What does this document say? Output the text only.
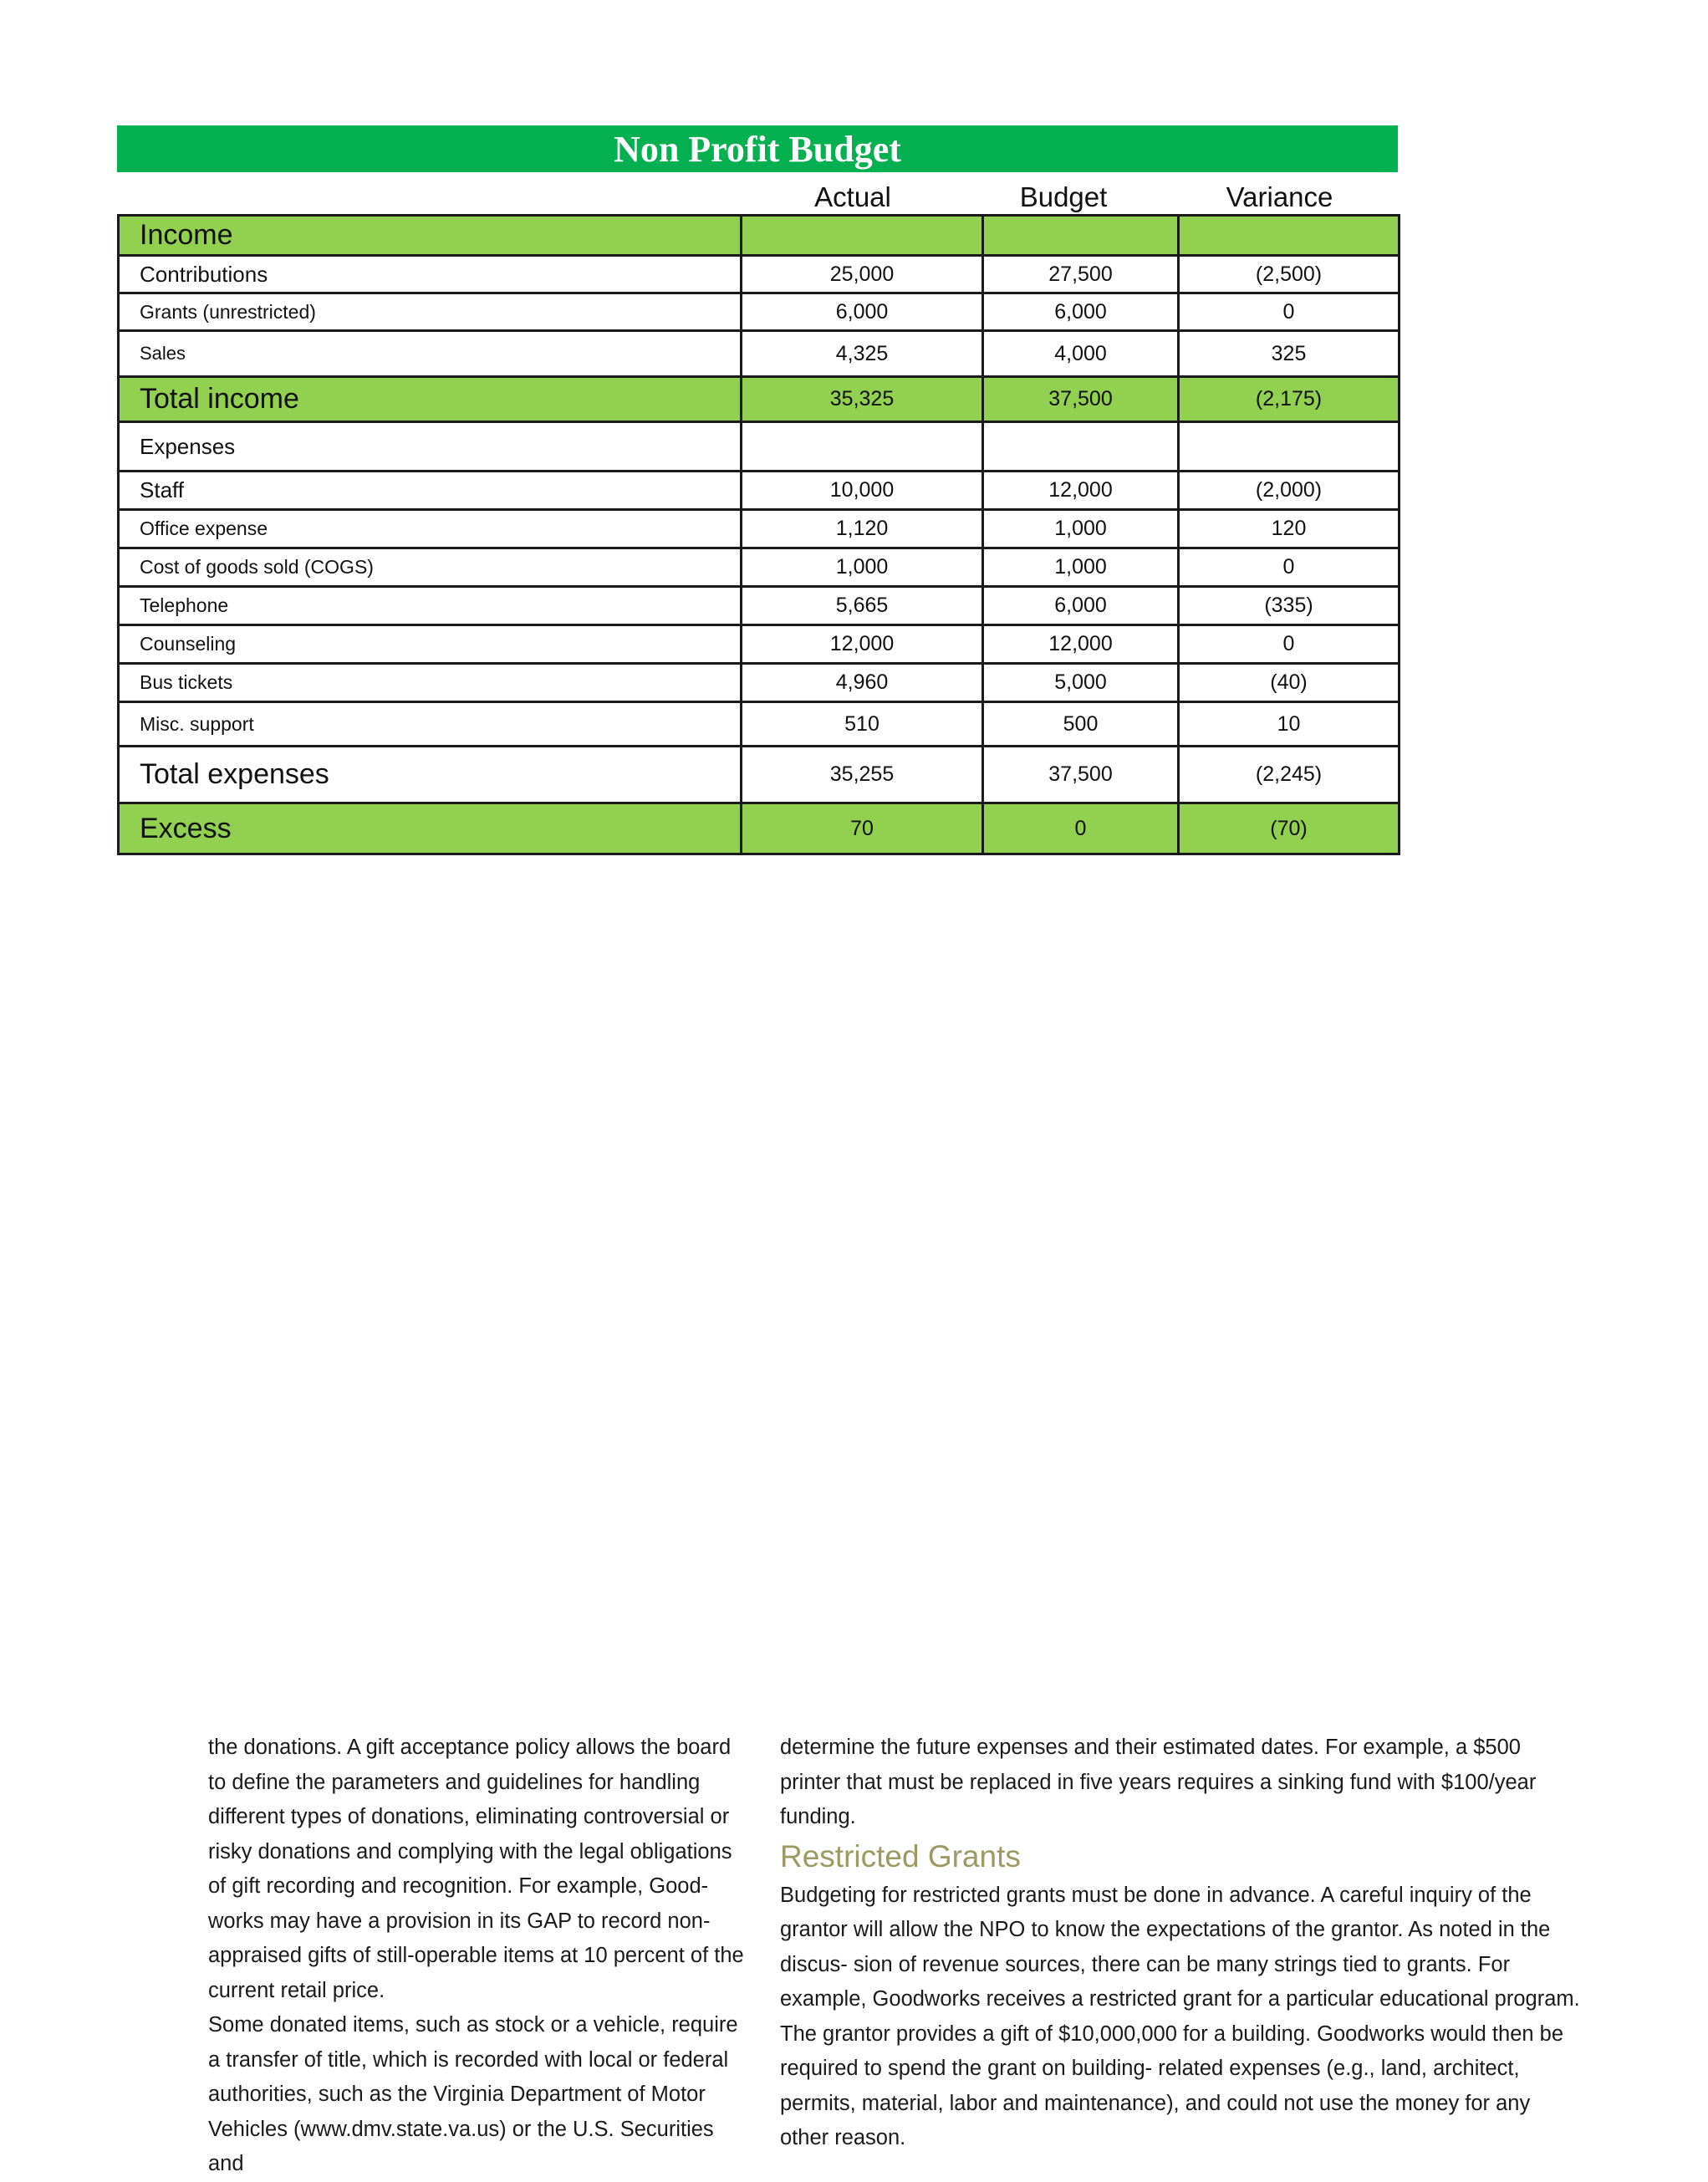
Non Profit Budget
Actual	Budget	Variance
Income			
Contributions	25,000	27,500	(2,500)
Grants (unrestricted)	6,000	6,000	0
Sales	4,325	4,000	325
Total income	35,325	37,500	(2,175)
Expenses			
Staff	10,000	12,000	(2,000)
Office expense	1,120	1,000	120
Cost of goods sold (COGS)	1,000	1,000	0
Telephone	5,665	6,000	(335)
Counseling	12,000	12,000	0
Bus tickets	4,960	5,000	(40)
Misc. support	510	500	10
Total expenses	35,255	37,500	(2,245)
Excess	70	0	(70)

the donations. A gift acceptance policy allows the board to define the parameters and guidelines for handling different types of donations, eliminating controversial or risky donations and complying with the legal obligations of gift recording and recognition. For example, Good- works may have a provision in its GAP to record non- appraised gifts of still-operable items at 10 percent of the current retail price.

Some donated items, such as stock or a vehicle, require a transfer of title, which is recorded with local or federal authorities, such as the Virginia Department of Motor Vehicles (www.dmv.state.va.us) or the U.S. Securities and

determine the future expenses and their estimated dates. For example, a $500 printer that must be replaced in five years requires a sinking fund with $100/year funding.

Restricted Grants

Budgeting for restricted grants must be done in advance. A careful inquiry of the grantor will allow the NPO to know the expectations of the grantor. As noted in the discus- sion of revenue sources, there can be many strings tied to grants. For example, Goodworks receives a restricted grant for a particular educational program. The grantor provides a gift of $10,000,000 for a building. Goodworks would then be required to spend the grant on building- related expenses (e.g., land, architect, permits, material, labor and maintenance), and could not use the money for any other reason.
